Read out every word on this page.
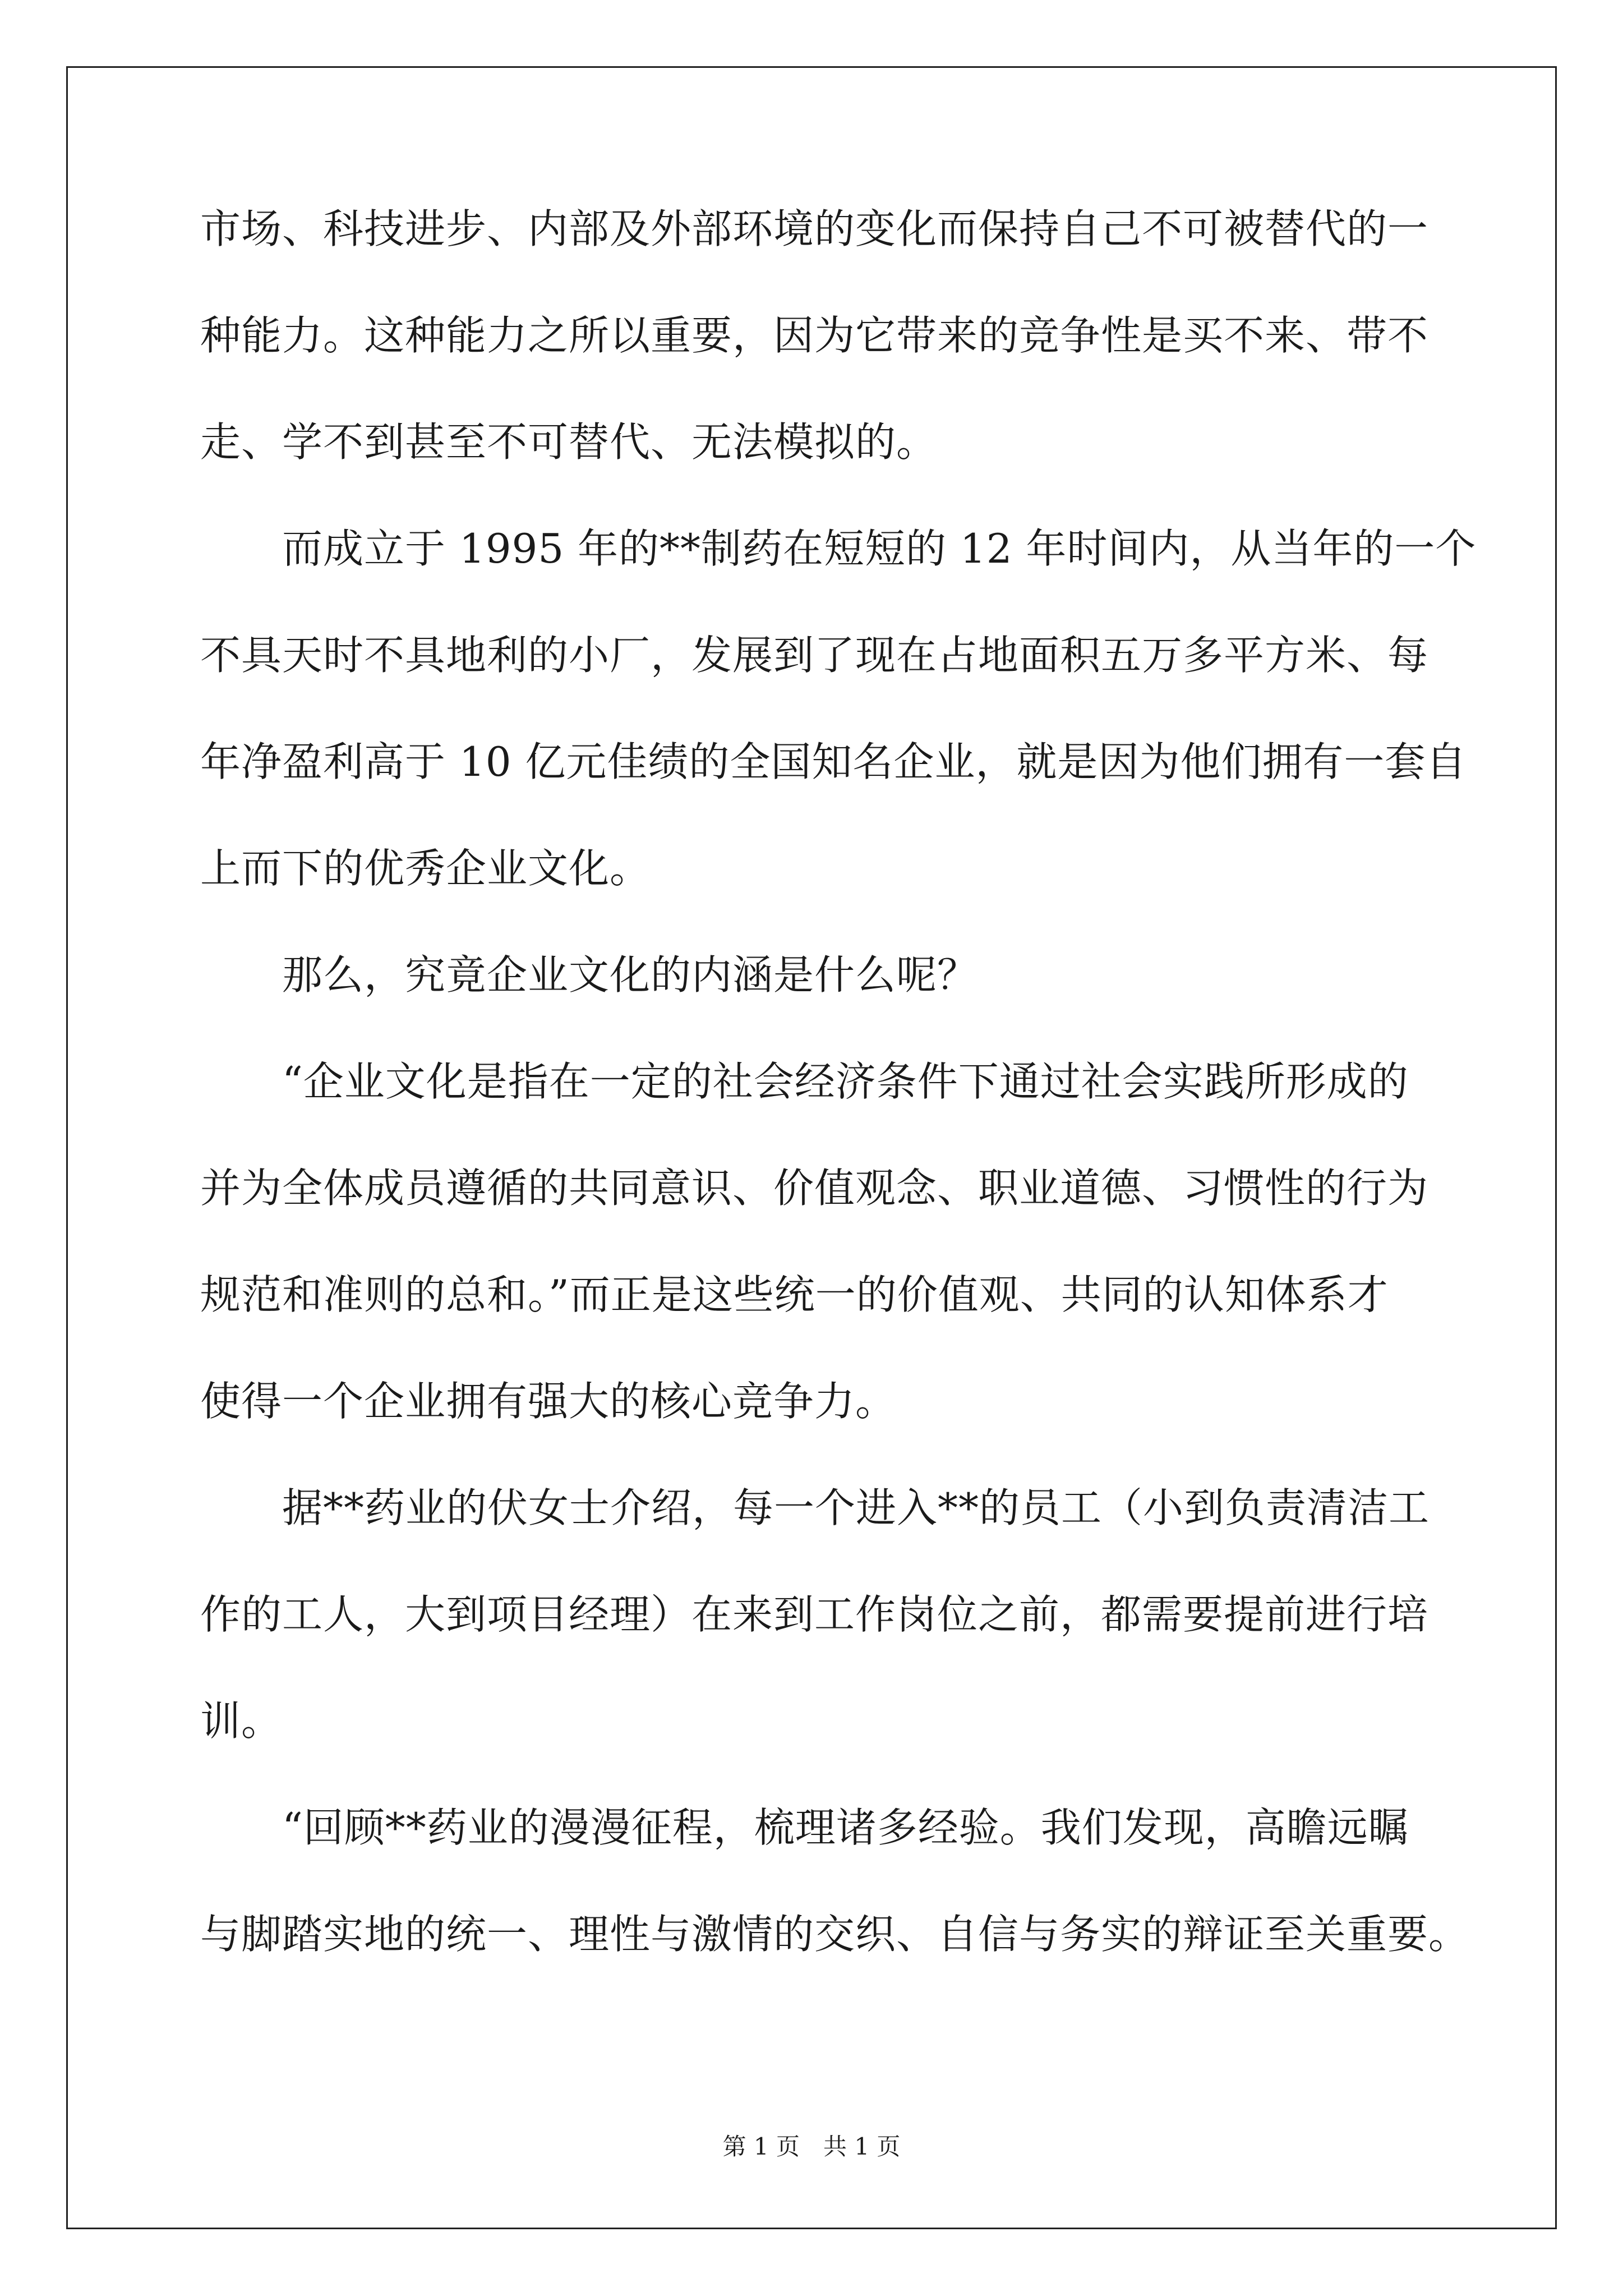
市场、科技进步、内部及外部环境的变化而保持自己不可被替代的一
种能力。这种能力之所以重要，因为它带来的竞争性是买不来、带不
走、学不到甚至不可替代、无法模拟的。
　　而成立于 1995 年的**制药在短短的 12 年时间内，从当年的一个
不具天时不具地利的小厂，发展到了现在占地面积五万多平方米、每
年净盈利高于 10 亿元佳绩的全国知名企业，就是因为他们拥有一套自
上而下的优秀企业文化。
　　那么，究竟企业文化的内涵是什么呢？
　　“企业文化是指在一定的社会经济条件下通过社会实践所形成的
并为全体成员遵循的共同意识、价值观念、职业道德、习惯性的行为
规范和准则的总和。”而正是这些统一的价值观、共同的认知体系才
使得一个企业拥有强大的核心竞争力。
　　据**药业的伏女士介绍，每一个进入**的员工（小到负责清洁工
作的工人，大到项目经理）在来到工作岗位之前，都需要提前进行培
训。
　　“回顾**药业的漫漫征程，梳理诸多经验。我们发现，高瞻远瞩
与脚踏实地的统一、理性与激情的交织、自信与务实的辩证至关重要。
第 1 页　共 1 页
